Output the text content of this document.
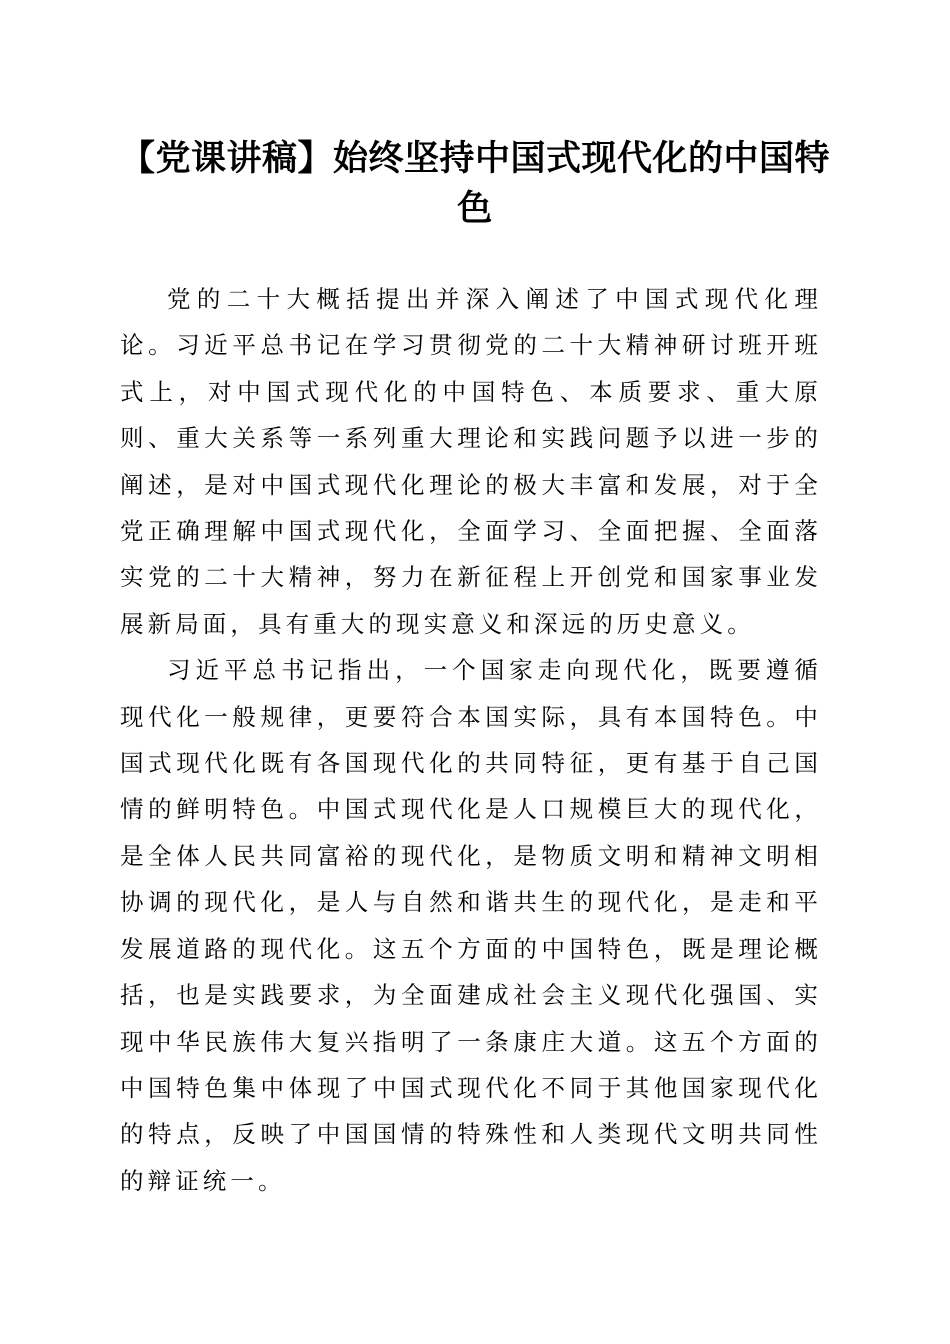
【党课讲稿】始终坚持中国式现代化的中国特色

党的二十大概括提出并深入阐述了中国式现代化理论。习近平总书记在学习贯彻党的二十大精神研讨班开班式上，对中国式现代化的中国特色、本质要求、重大原则、重大关系等一系列重大理论和实践问题予以进一步的阐述，是对中国式现代化理论的极大丰富和发展，对于全党正确理解中国式现代化，全面学习、全面把握、全面落实党的二十大精神，努力在新征程上开创党和国家事业发展新局面，具有重大的现实意义和深远的历史意义。

习近平总书记指出，一个国家走向现代化，既要遵循现代化一般规律，更要符合本国实际，具有本国特色。中国式现代化既有各国现代化的共同特征，更有基于自己国情的鲜明特色。中国式现代化是人口规模巨大的现代化，是全体人民共同富裕的现代化，是物质文明和精神文明相协调的现代化，是人与自然和谐共生的现代化，是走和平发展道路的现代化。这五个方面的中国特色，既是理论概括，也是实践要求，为全面建成社会主义现代化强国、实现中华民族伟大复兴指明了一条康庄大道。这五个方面的中国特色集中体现了中国式现代化不同于其他国家现代化的特点，反映了中国国情的特殊性和人类现代文明共同性的辩证统一。
